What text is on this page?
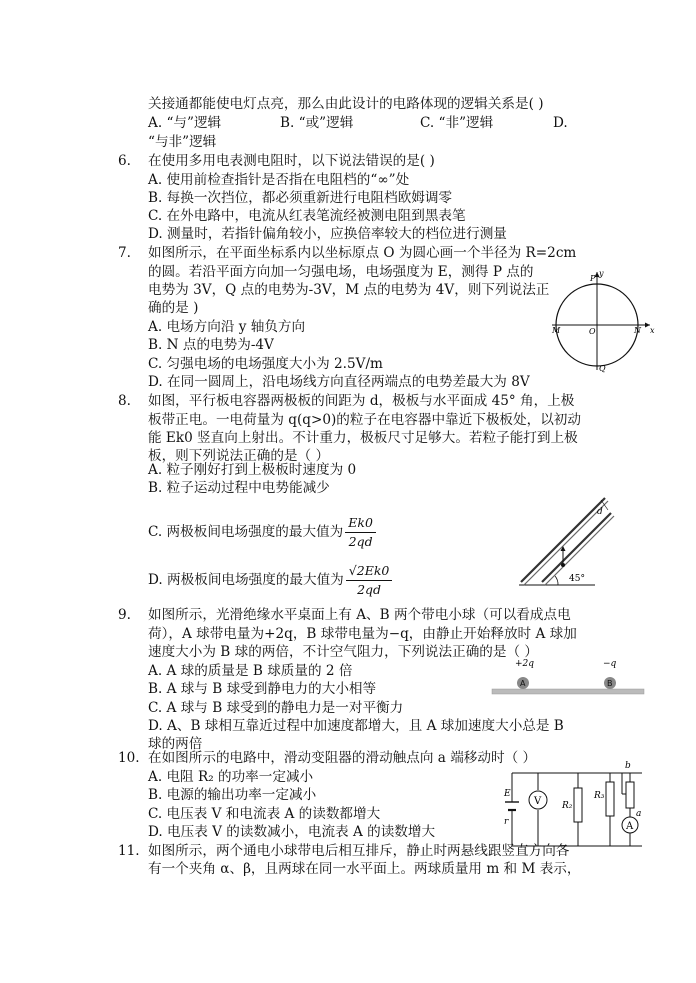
关接通都能使电灯点亮，那么由此设计的电路体现的逻辑关系是( )
A. “与”逻辑	B. “或”逻辑	C. “非”逻辑	D.
“与非”逻辑
6. 在使用多用电表测电阻时，以下说法错误的是( )
A. 使用前检查指针是否指在电阻档的“∞”处
B. 每换一次挡位，都必须重新进行电阻档欧姆调零
C. 在外电路中，电流从红表笔流经被测电阻到黑表笔
D. 测量时，若指针偏角较小，应换倍率较大的档位进行测量
7. 如图所示，在平面坐标系内以坐标原点 O 为圆心画一个半径为 R=2cm
的圆。若沿平面方向加一匀强电场，电场强度为 E，测得 P 点的
电势为 3V，Q 点的电势为-3V，M 点的电势为 4V，则下列说法正
确的是 )
A. 电场方向沿 y 轴负方向
B. N 点的电势为-4V
C. 匀强电场的电场强度大小为 2.5V/m
D. 在同一圆周上，沿电场线方向直径两端点的电势差最大为 8V
y
P
M	O	N x
Q
8. 如图，平行板电容器两极板的间距为 d，极板与水平面成 45° 角，上极
板带正电。一电荷量为 q(q>0)的粒子在电容器中靠近下极板处，以初动
能 Ek0 竖直向上射出。不计重力，极板尺寸足够大。若粒子能打到上极
板，则下列说法正确的是（ ）
A. 粒子刚好打到上极板时速度为 0
B. 粒子运动过程中电势能减少
C. 两极板间电场强度的最大值为 $\frac{Ek0}{2qd}$
D. 两极板间电场强度的最大值为 $\frac{√2Ek0}{2qd}$
d
45°
9. 如图所示，光滑绝缘水平桌面上有 A、B 两个带电小球（可以看成点电
荷），A 球带电量为+2q，B 球带电量为−q，由静止开始释放时 A 球加
速度大小为 B 球的两倍，不计空气阻力，下列说法正确的是（ ）
A. A 球的质量是 B 球质量的 2 倍
B. A 球与 B 球受到静电力的大小相等
C. A 球与 B 球受到的静电力是一对平衡力
D. A、B 球相互靠近过程中加速度都增大，且 A 球加速度大小总是 B
球的两倍
+2q	−q
A	B
10. 在如图所示的电路中，滑动变阻器的滑动触点向 a 端移动时（ ）
A. 电阻 R₂ 的功率一定减小
B. 电源的输出功率一定减小
C. 电压表 V 和电流表 A 的读数都增大
D. 电压表 V 的读数减小，电流表 A 的读数增大
E
r
V R₂
R₃
A
b
a
11. 如图所示，两个通电小球带电后相互排斥，静止时两悬线跟竖直方向各
有一个夹角 α、β，且两球在同一水平面上。两球质量用 m 和 M 表示，
